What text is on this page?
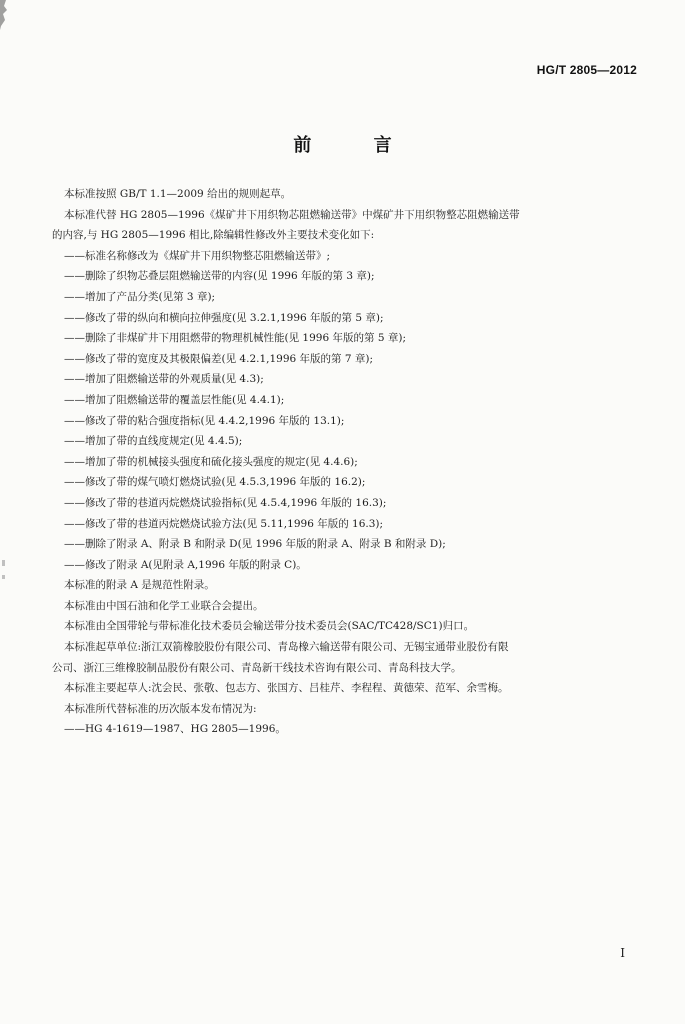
HG/T 2805—2012
前 言

本标准按照 GB/T 1.1—2009 给出的规则起草。

本标准代替 HG 2805—1996《煤矿井下用织物芯阻燃输送带》中煤矿井下用织物整芯阻燃输送带

的内容,与 HG 2805—1996 相比,除编辑性修改外主要技术变化如下:

——标准名称修改为《煤矿井下用织物整芯阻燃输送带》;

——删除了织物芯叠层阻燃输送带的内容(见 1996 年版的第 3 章);

——增加了产品分类(见第 3 章);

——修改了带的纵向和横向拉伸强度(见 3.2.1,1996 年版的第 5 章);

——删除了非煤矿井下用阻燃带的物理机械性能(见 1996 年版的第 5 章);

——修改了带的宽度及其极限偏差(见 4.2.1,1996 年版的第 7 章);

——增加了阻燃输送带的外观质量(见 4.3);

——增加了阻燃输送带的覆盖层性能(见 4.4.1);

——修改了带的粘合强度指标(见 4.4.2,1996 年版的 13.1);

——增加了带的直线度规定(见 4.4.5);

——增加了带的机械接头强度和硫化接头强度的规定(见 4.4.6);

——修改了带的煤气喷灯燃烧试验(见 4.5.3,1996 年版的 16.2);

——修改了带的巷道丙烷燃烧试验指标(见 4.5.4,1996 年版的 16.3);

——修改了带的巷道丙烷燃烧试验方法(见 5.11,1996 年版的 16.3);

——删除了附录 A、附录 B 和附录 D(见 1996 年版的附录 A、附录 B 和附录 D);

——修改了附录 A(见附录 A,1996 年版的附录 C)。

本标准的附录 A 是规范性附录。

本标准由中国石油和化学工业联合会提出。

本标准由全国带轮与带标准化技术委员会输送带分技术委员会(SAC/TC428/SC1)归口。

本标准起草单位:浙江双箭橡胶股份有限公司、青岛橡六输送带有限公司、无锡宝通带业股份有限

公司、浙江三维橡胶制品股份有限公司、青岛新干线技术咨询有限公司、青岛科技大学。

本标准主要起草人:沈会民、张敬、包志方、张国方、吕桂芹、李程程、黄德荣、范军、余雪梅。

本标准所代替标准的历次版本发布情况为:

——HG 4-1619—1987、HG 2805—1996。

I
